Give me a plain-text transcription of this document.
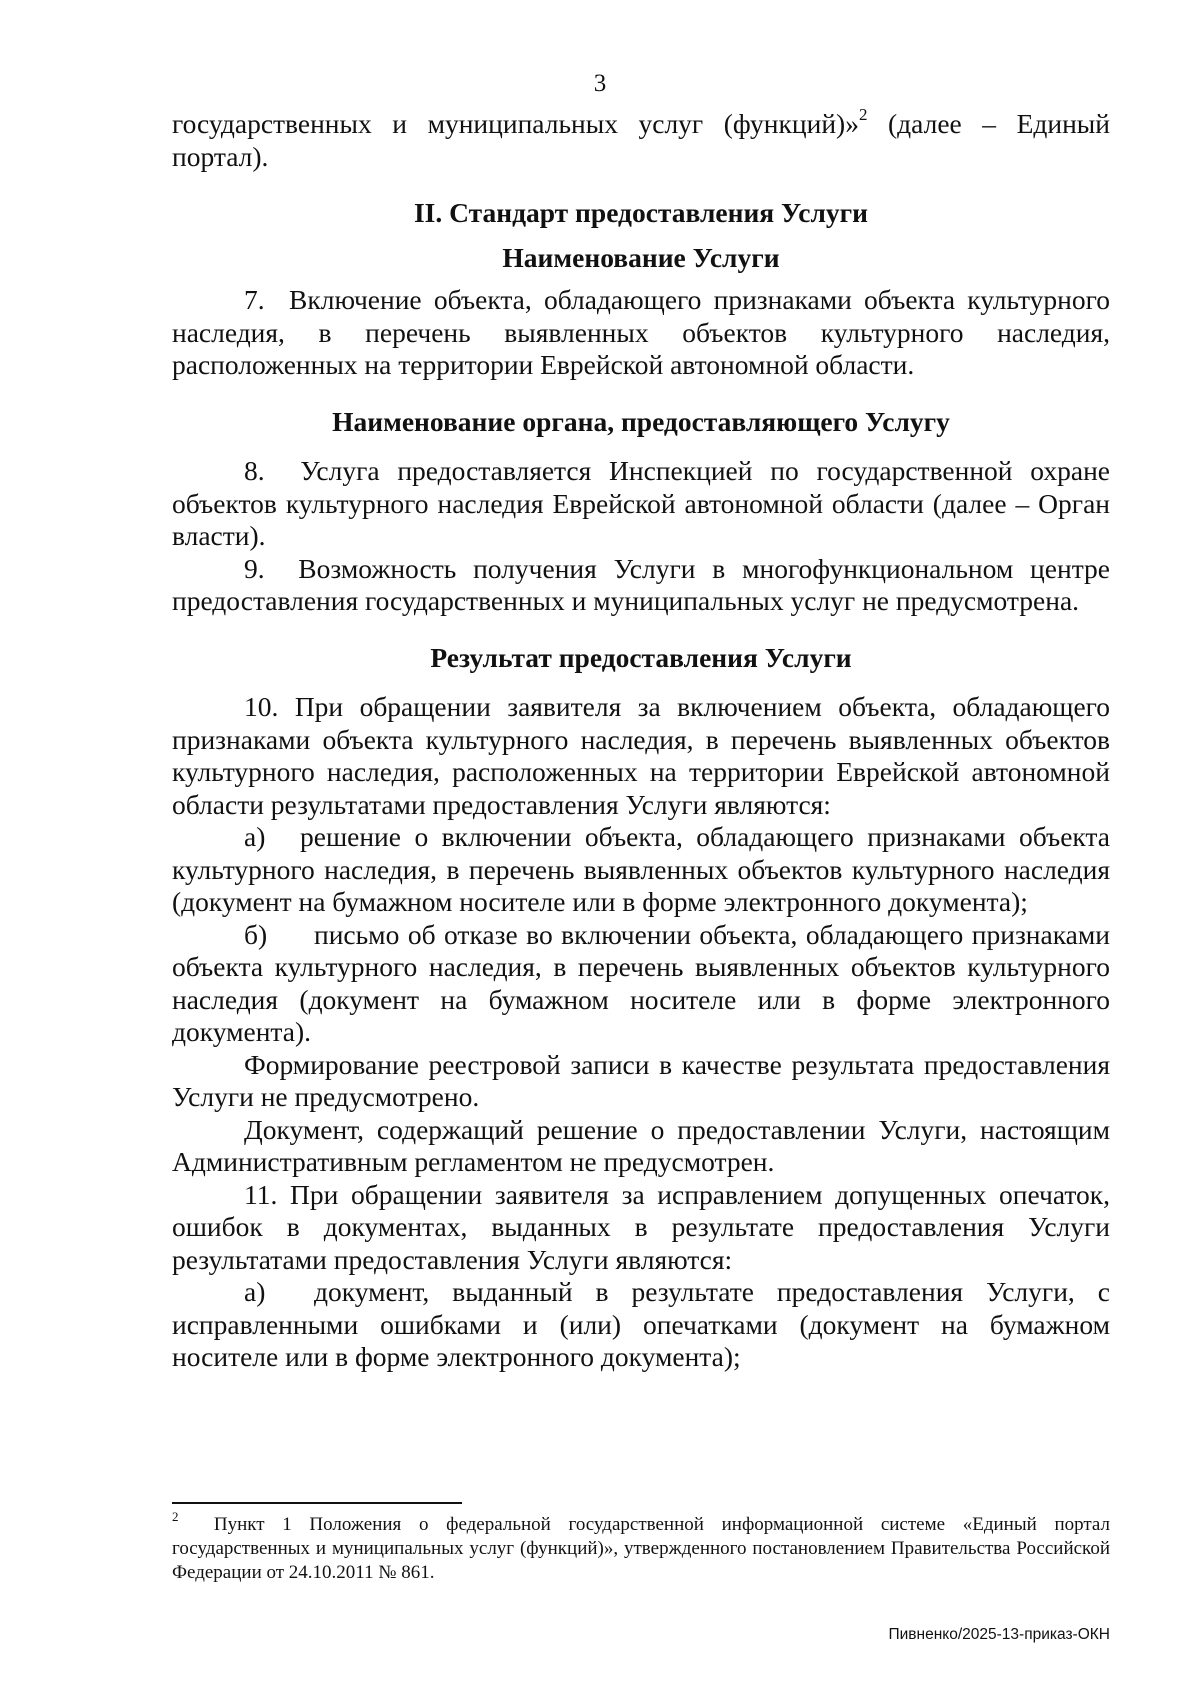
3

государственных и муниципальных услуг (функций)»$^2$ (далее – Единый портал).

II. Стандарт предоставления Услуги

Наименование Услуги

7. Включение объекта, обладающего признаками объекта культурного наследия, в перечень выявленных объектов культурного наследия, расположенных на территории Еврейской автономной области.

Наименование органа, предоставляющего Услугу

8. Услуга предоставляется Инспекцией по государственной охране объектов культурного наследия Еврейской автономной области (далее – Орган власти).

9. Возможность получения Услуги в многофункциональном центре предоставления государственных и муниципальных услуг не предусмотрена.

Результат предоставления Услуги

10. При обращении заявителя за включением объекта, обладающего признаками объекта культурного наследия, в перечень выявленных объектов культурного наследия, расположенных на территории Еврейской автономной области результатами предоставления Услуги являются:

а) решение о включении объекта, обладающего признаками объекта культурного наследия, в перечень выявленных объектов культурного наследия (документ на бумажном носителе или в форме электронного документа);

б) письмо об отказе во включении объекта, обладающего признаками объекта культурного наследия, в перечень выявленных объектов культурного наследия (документ на бумажном носителе или в форме электронного документа).

Формирование реестровой записи в качестве результата предоставления Услуги не предусмотрено.

Документ, содержащий решение о предоставлении Услуги, настоящим Административным регламентом не предусмотрен.

11. При обращении заявителя за исправлением допущенных опечаток, ошибок в документах, выданных в результате предоставления Услуги результатами предоставления Услуги являются:

а) документ, выданный в результате предоставления Услуги, с исправленными ошибками и (или) опечатками (документ на бумажном носителе или в форме электронного документа);

$^2$ Пункт 1 Положения о федеральной государственной информационной системе «Единый портал государственных и муниципальных услуг (функций)», утвержденного постановлением Правительства Российской Федерации от 24.10.2011 № 861.
Пивненко/2025-13-приказ-ОКН
